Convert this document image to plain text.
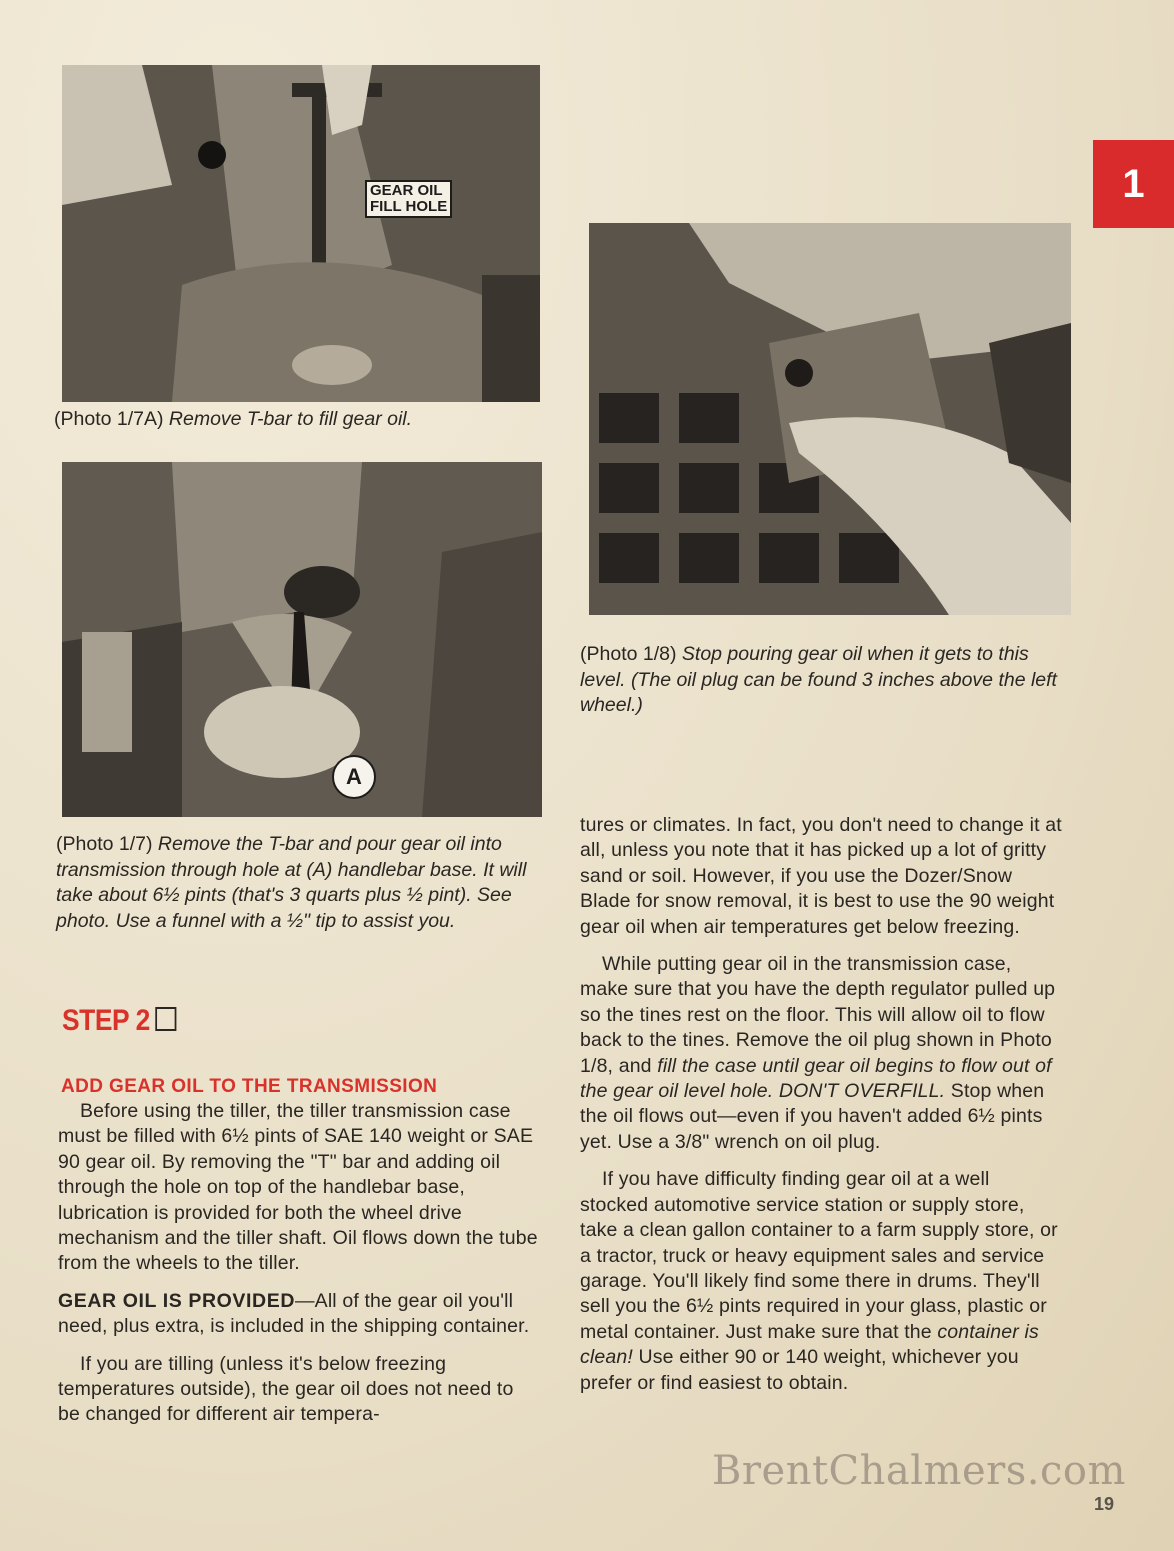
1
GEAR OIL
FILL HOLE

(Photo 1/7A) Remove T-bar to fill gear oil.

A

(Photo 1/7) Remove the T-bar and pour gear oil into transmission through hole at (A) handlebar base. It will take about 6½ pints (that's 3 quarts plus ½ pint). See photo. Use a funnel with a ½" tip to assist you.

(Photo 1/8) Stop pouring gear oil when it gets to this level. (The oil plug can be found 3 inches above the left wheel.)

STEP 2
ADD GEAR OIL TO THE TRANSMISSION

Before using the tiller, the tiller transmission case must be filled with 6½ pints of SAE 140 weight or SAE 90 gear oil. By removing the "T" bar and adding oil through the hole on top of the handlebar base, lubrication is provided for both the wheel drive mechanism and the tiller shaft. Oil flows down the tube from the wheels to the tiller.

GEAR OIL IS PROVIDED—All of the gear oil you'll need, plus extra, is included in the shipping container.

If you are tilling (unless it's below freezing temperatures outside), the gear oil does not need to be changed for different air tempera-

tures or climates. In fact, you don't need to change it at all, unless you note that it has picked up a lot of gritty sand or soil. However, if you use the Dozer/Snow Blade for snow removal, it is best to use the 90 weight gear oil when air temperatures get below freezing.

While putting gear oil in the transmission case, make sure that you have the depth regulator pulled up so the tines rest on the floor. This will allow oil to flow back to the tines. Remove the oil plug shown in Photo 1/8, and fill the case until gear oil begins to flow out of the gear oil level hole. DON'T OVERFILL. Stop when the oil flows out—even if you haven't added 6½ pints yet. Use a 3/8" wrench on oil plug.

If you have difficulty finding gear oil at a well stocked automotive service station or supply store, take a clean gallon container to a farm supply store, or a tractor, truck or heavy equipment sales and service garage. You'll likely find some there in drums. They'll sell you the 6½ pints required in your glass, plastic or metal container. Just make sure that the container is clean! Use either 90 or 140 weight, whichever you prefer or find easiest to obtain.

BrentChalmers.com
19
